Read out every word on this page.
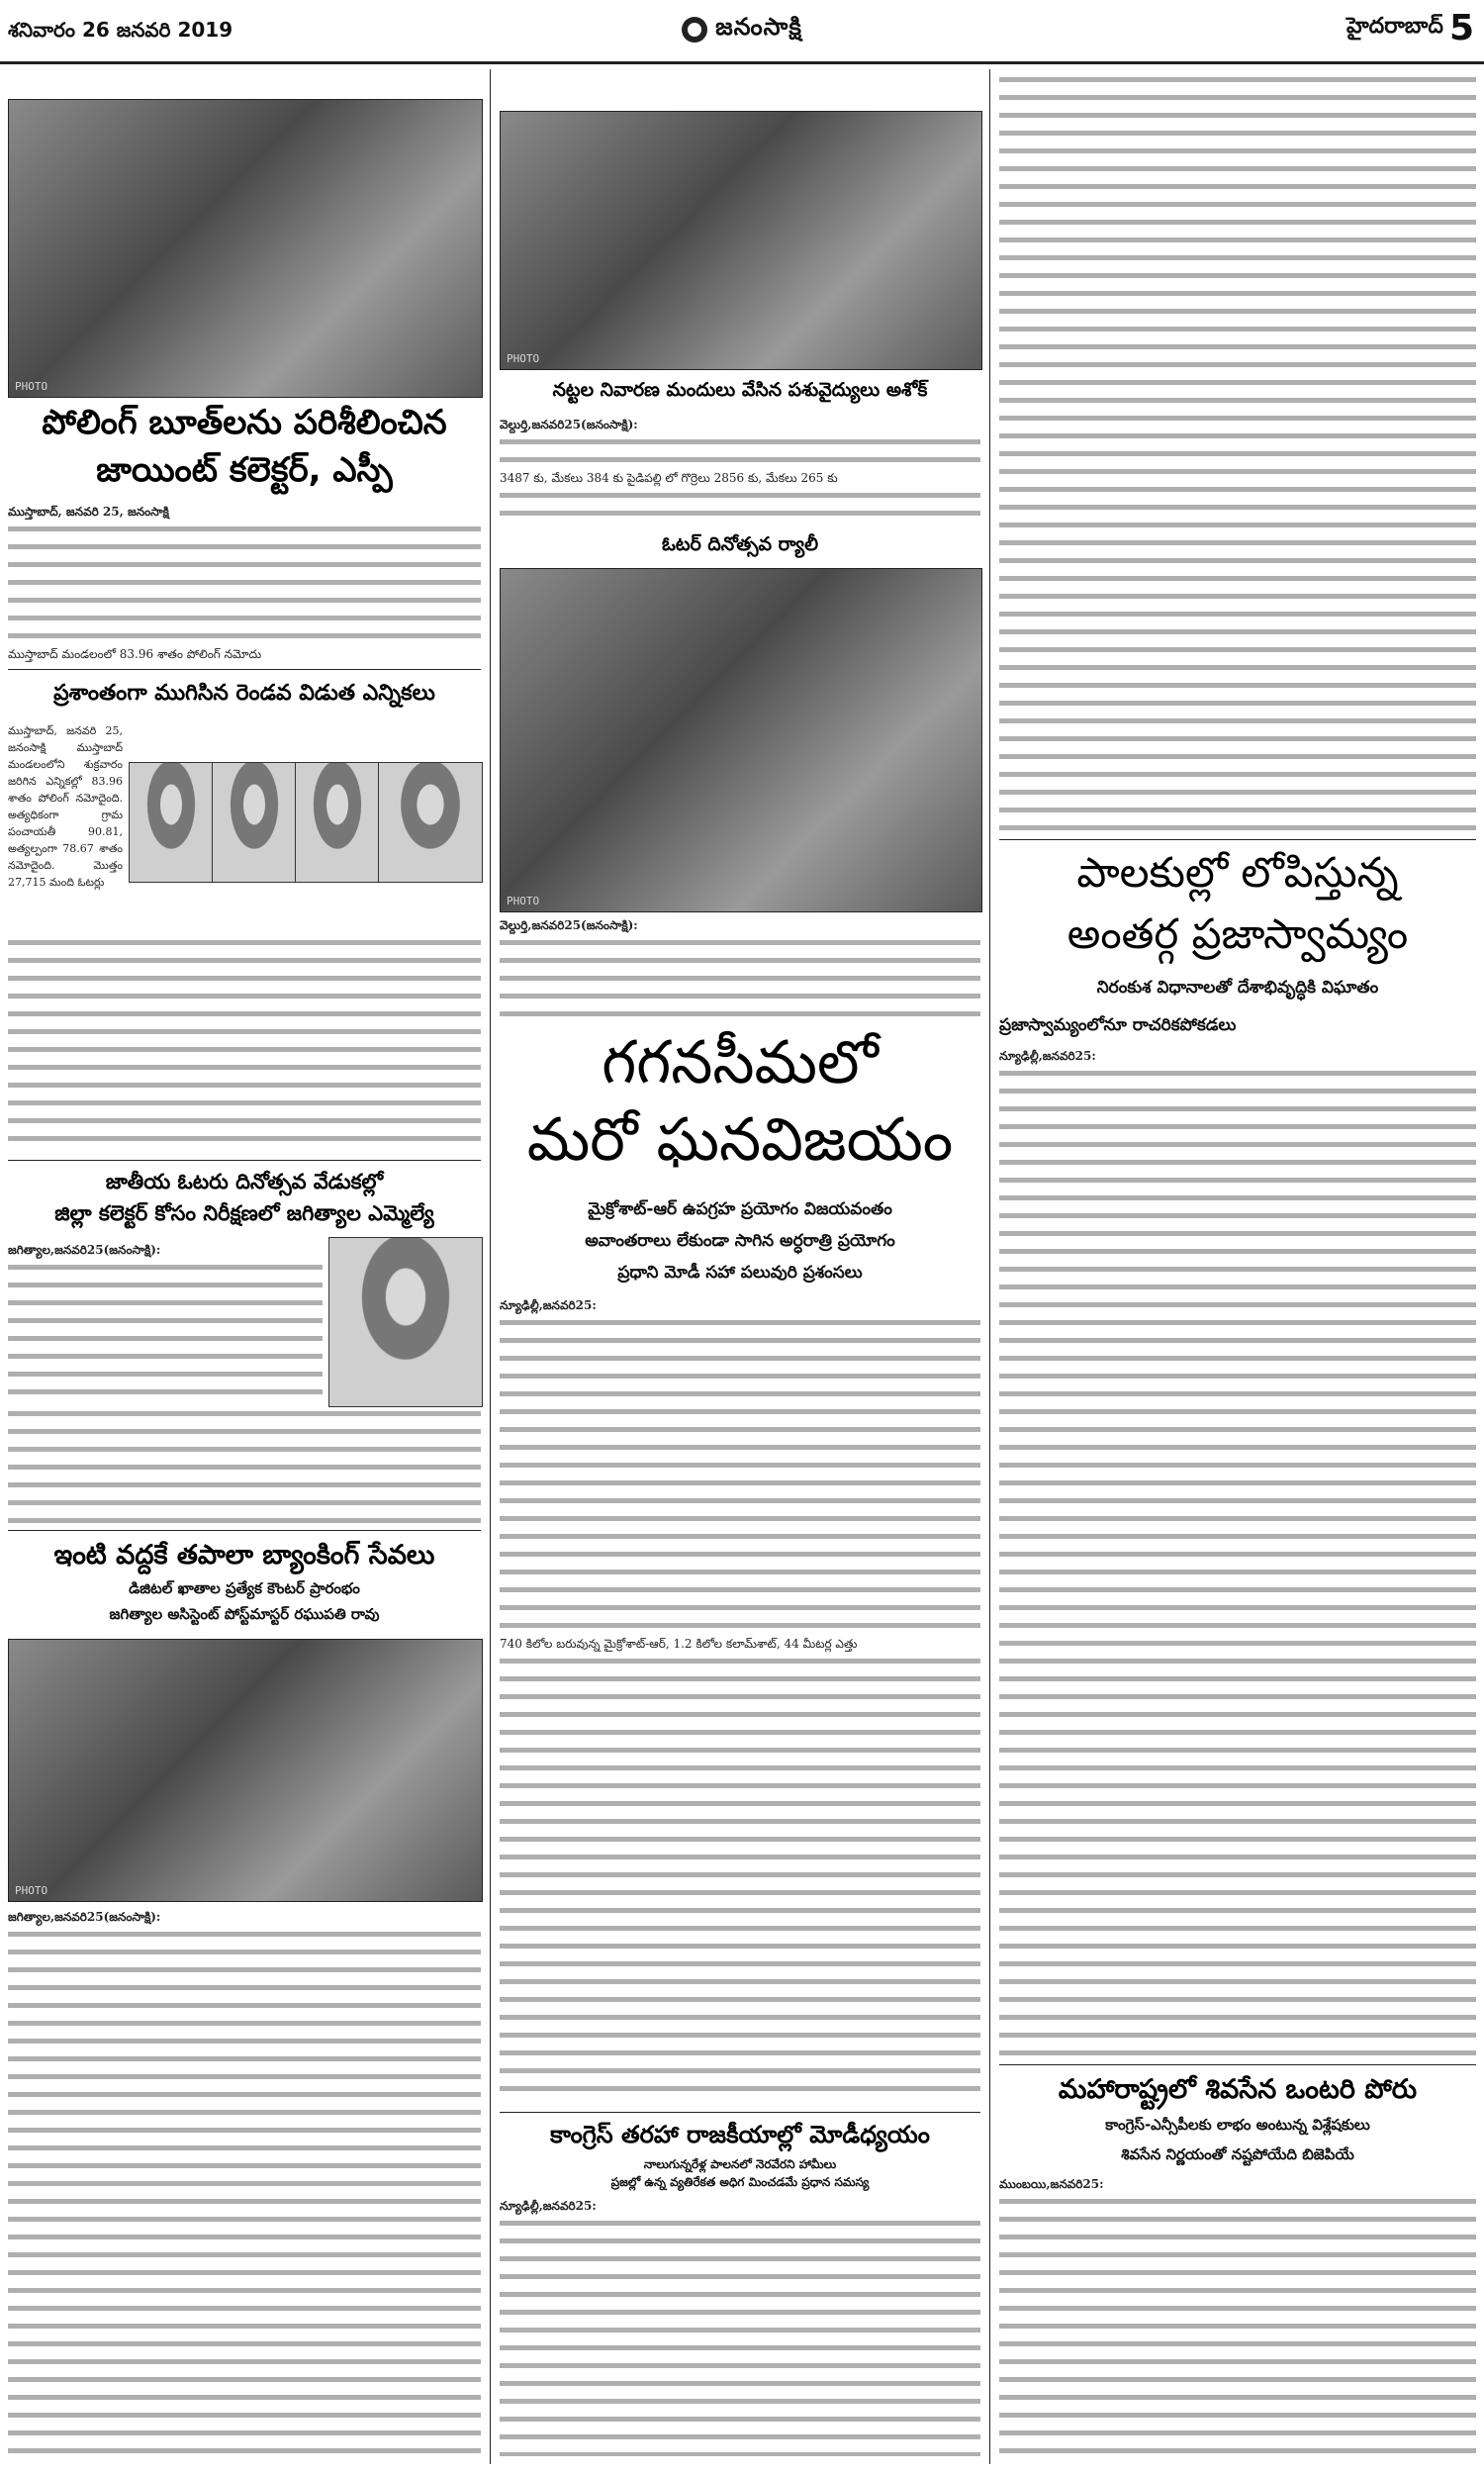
శనివారం 26 జనవరి 2019	జనంసాక్షి	హైదరాబాద్ 5
PHOTO
పోలింగ్‌ బూత్‌లను పరిశీలించిన
జాయింట్‌ కలెక్టర్‌, ఎస్పీ
ముస్తాబాద్‌, జనవరి 25, జనంసాక్షి
ముస్తాబాద్‌ మండలంలో 83.96 శాతం పోలింగ్‌ నమోదు
ప్రశాంతంగా ముగిసిన రెండవ విడుత ఎన్నికలు
ముస్తాబాద్‌, జనవరి 25, జనంసాక్షి ముస్తాబాద్‌ మండలంలోని శుక్రవారం జరిగిన ఎన్నికల్లో 83.96 శాతం పోలింగ్‌ నమోదైంది. అత్యధికంగా గ్రామ పంచాయతీ 90.81, అత్యల్పంగా 78.67 శాతం నమోదైంది. మొత్తం 27,715 మంది ఓటర్లు
జాతీయ ఓటరు దినోత్సవ వేడుకల్లో
జిల్లా కలెక్టర్‌ కోసం నిరీక్షణలో జగిత్యాల ఎమ్మెల్యే
జగిత్యాల,జనవరి25(జనంసాక్షి):
ఇంటి వద్దకే తపాలా బ్యాంకింగ్‌ సేవలు
డిజిటల్‌ ఖాతాల ప్రత్యేక కౌంటర్‌ ప్రారంభం
జగిత్యాల అసిస్టెంట్‌ పోస్ట్‌మాస్టర్‌ రఘుపతి రావు
PHOTO
జగిత్యాల,జనవరి25(జనంసాక్షి):
PHOTO
నట్టల నివారణ మందులు వేసిన పశువైద్యులు అశోక్‌
వెల్దుర్తి,జనవరి25(జనంసాక్షి):
3487 కు, మేకలు 384 కు పైడిపల్లి లో గొర్రెలు 2856 కు, మేకలు 265 కు
ఓటర్‌ దినోత్సవ ర్యాలీ
PHOTO
వెల్దుర్తి,జనవరి25(జనంసాక్షి):
గగనసీమలో
మరో ఘనవిజయం
మైక్రోశాట్‌-ఆర్‌ ఉపగ్రహ ప్రయోగం విజయవంతం
అవాంతరాలు లేకుండా సాగిన అర్ధరాత్రి ప్రయోగం
ప్రధాని మోడీ సహా పలువురి ప్రశంసలు
న్యూఢిల్లీ,జనవరి25:
740 కిలోల బరువున్న మైక్రోశాట్‌-ఆర్‌, 1.2 కిలోల కలామ్‌శాట్‌, 44 మీటర్ల ఎత్తు
కాంగ్రెస్‌ తరహా రాజకీయాల్లో మోడీధ్యయం
నాలుగున్నరేళ్ల పాలనలో నెరవేరని హామీలు
ప్రజల్లో ఉన్న వ్యతిరేకత అధిగ మించడమే ప్రధాన సమస్య
న్యూఢిల్లీ,జనవరి25:
పాలకుల్లో లోపిస్తున్న
అంతర్గ ప్రజాస్వామ్యం
నిరంకుశ విధానాలతో దేశాభివృద్ధికి విఘాతం
ప్రజాస్వామ్యంలోనూ రాచరికపోకడలు
న్యూఢిల్లీ,జనవరి25:
మహారాష్ట్రలో శివసేన ఒంటరి పోరు
కాంగ్రెస్‌-ఎన్సీపీలకు లాభం అంటున్న విశ్లేషకులు
శివసేన నిర్ణయంతో నష్టపోయేది బిజెపియే
ముంబయి,జనవరి25:
